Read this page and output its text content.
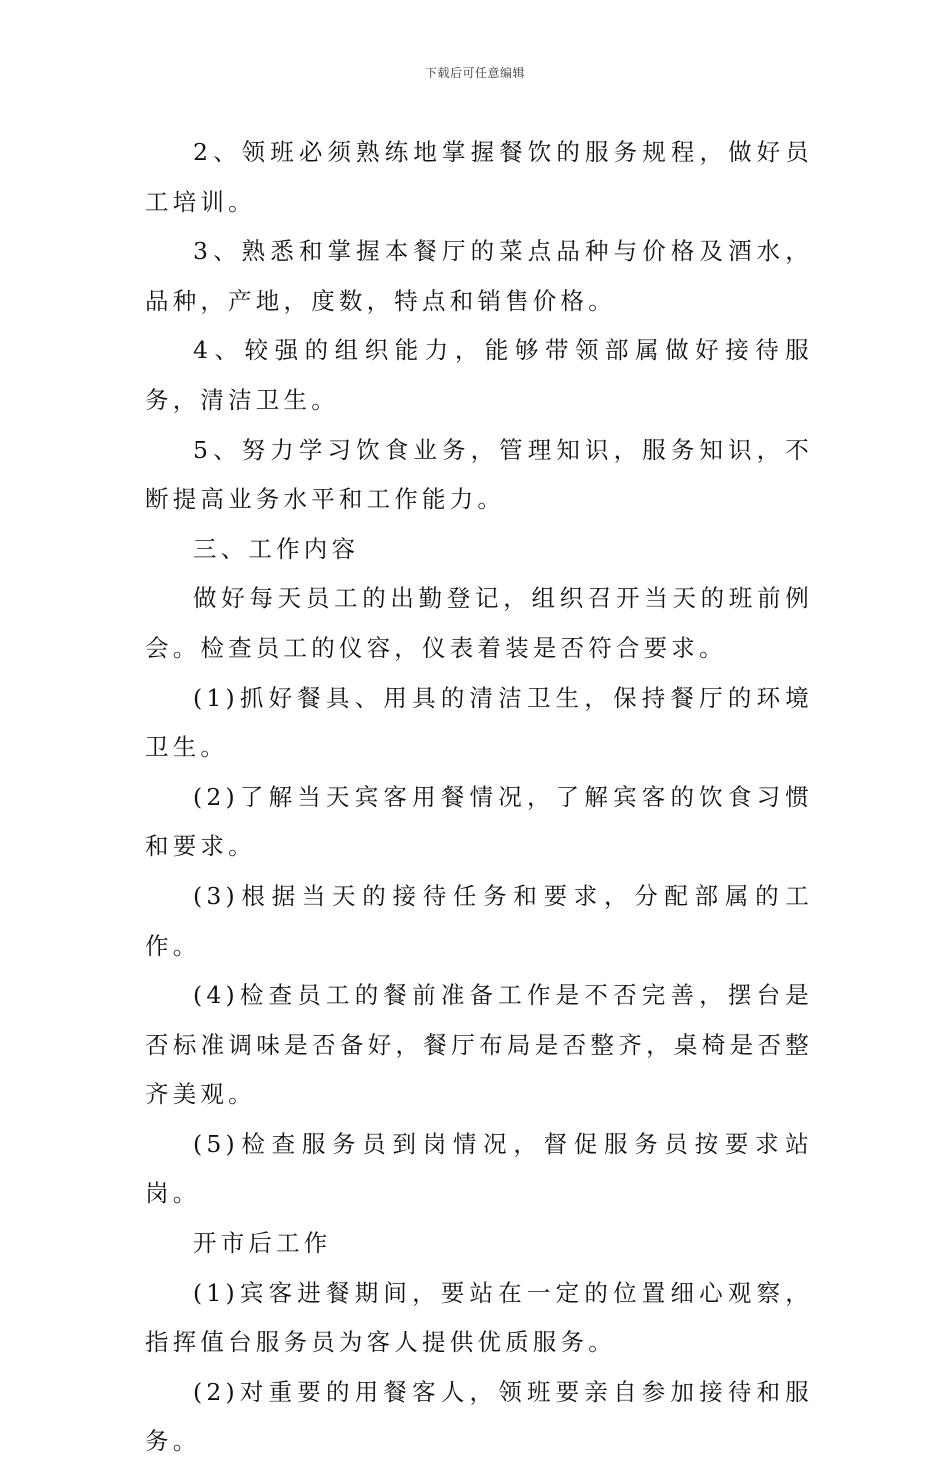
下载后可任意编辑

2、领班必须熟练地掌握餐饮的服务规程，做好员工培训。

3、熟悉和掌握本餐厅的菜点品种与价格及酒水，品种，产地，度数，特点和销售价格。

4、较强的组织能力，能够带领部属做好接待服务，清洁卫生。

5、努力学习饮食业务，管理知识，服务知识，不断提高业务水平和工作能力。

三、工作内容

做好每天员工的出勤登记，组织召开当天的班前例会。检查员工的仪容，仪表着装是否符合要求。

(1)抓好餐具、用具的清洁卫生，保持餐厅的环境卫生。

(2)了解当天宾客用餐情况，了解宾客的饮食习惯和要求。

(3)根据当天的接待任务和要求，分配部属的工作。

(4)检查员工的餐前准备工作是不否完善，摆台是否标准调味是否备好，餐厅布局是否整齐，桌椅是否整齐美观。

(5)检查服务员到岗情况，督促服务员按要求站岗。

开市后工作

(1)宾客进餐期间，要站在一定的位置细心观察，指挥值台服务员为客人提供优质服务。

(2)对重要的用餐客人，领班要亲自参加接待和服务。
